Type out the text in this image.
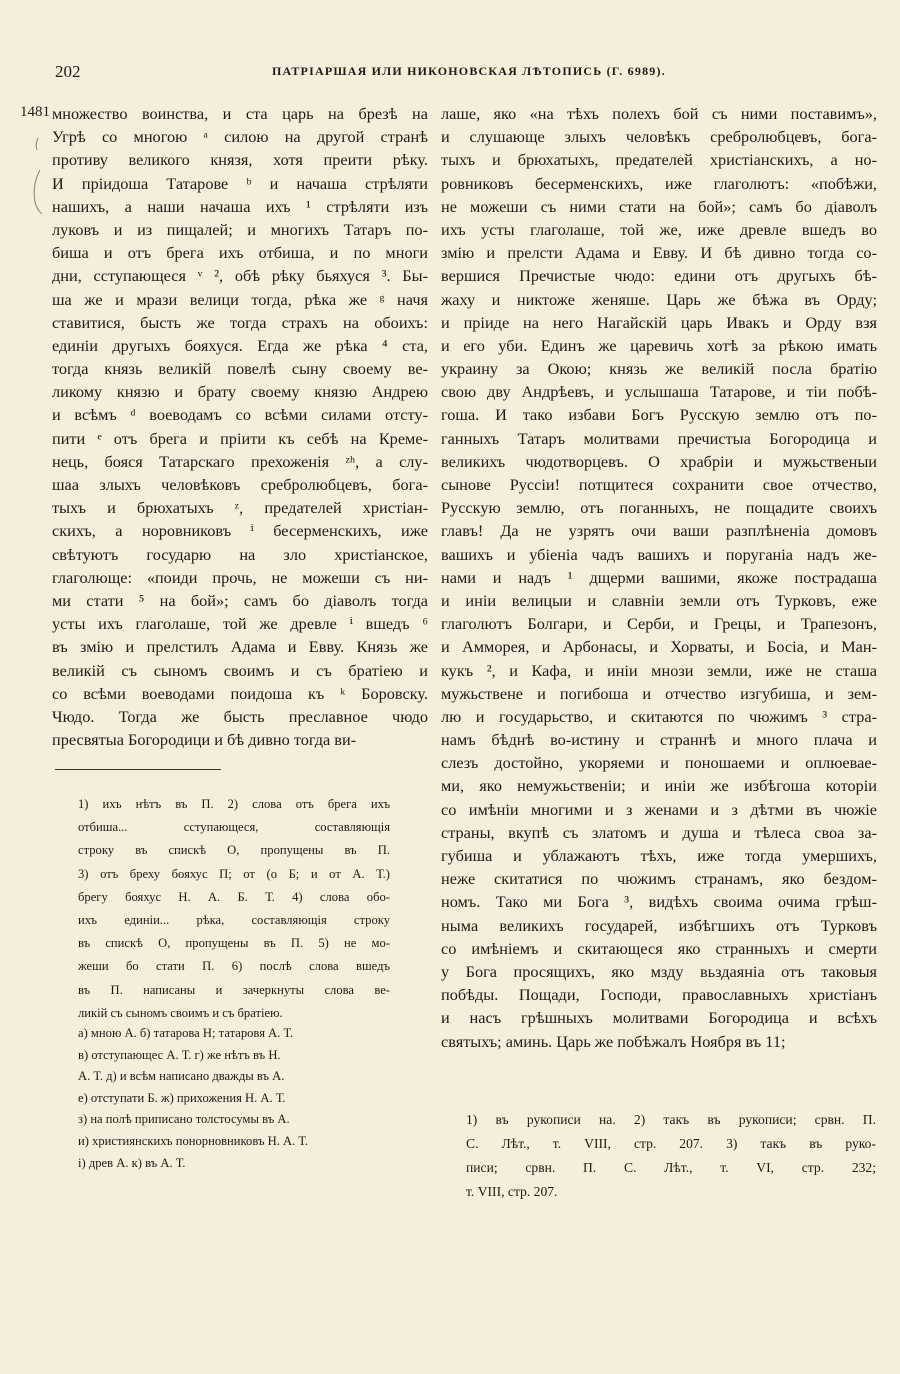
202	ПАТРІАРШАЯ ИЛИ НИКОНОВСКАЯ ЛѢТОПИСЬ (Г. 6989).
1481 множество воинства, и ста царь на брезѣ на
Угрѣ со многою ᵃ силою на другой странѣ
противу великого князя, хотя преити рѣку.
И пріидоша Татарове ᵇ и начаша стрѣляти
нашихъ, а наши начаша ихъ ¹ стрѣляти изъ
луковъ и из пищалей; и многихъ Татаръ по-
биша и отъ брега ихъ отбиша, и по многи
дни, сступающеся ᵛ ², обѣ рѣку бьяхуся ³. Бы-
ша же и мрази велици тогда, рѣка же ᵍ начя
ставитися, бысть же тогда страхъ на обоихъ:
единіи другыхъ бояхуся. Егда же рѣка ⁴ ста,
тогда князь великій повелѣ сыну своему ве-
ликому князю и брату своему князю Андрею
и всѣмъ ᵈ воеводамъ со всѣми силами отсту-
пити ᵉ отъ брега и пріити къ себѣ на Креме-
нець, бояся Татарскаго прехоженія ᶻʰ, а слу-
шаа злыхъ человѣковъ сребролюбцевъ, бога-
тыхъ и брюхатыхъ ᶻ, предателей христіан-
скихъ, а норовниковъ ⁱ бесерменскихъ, иже
свѣтуютъ государю на зло христіанское,
глаголюще: «поиди прочь, не можеши съ ни-
ми стати ⁵ на бой»; самъ бо діаволъ тогда
усты ихъ глаголаше, той же древле ⁱ вшедъ ⁶
въ змію и прелстилъ Адама и Евву. Князь же
великій съ сыномъ своимъ и съ братіею и
со всѣми воеводами поидоша къ ᵏ Боровску.
Чюдо. Тогда же бысть преславное чюдо
пресвятыа Богородици и бѣ дивно тогда ви-
лаше, яко «на тѣхъ полехъ бой съ ними поставимъ»,
и слушающе злыхъ человѣкъ сребролюбцевъ, бога-
тыхъ и брюхатыхъ, предателей христіанскихъ, а но-
ровниковъ бесерменскихъ, иже глаголютъ: «побѣжи,
не можеши съ ними стати на бой»; самъ бо діаволъ
ихъ усты глаголаше, той же, иже древле вшедъ во
змію и прелсти Адама и Евву. И бѣ дивно тогда со-
вершися Пречистые чюдо: едини отъ другыхъ бѣ-
жаху и никтоже женяше. Царь же бѣжа въ Орду;
и пріиде на него Нагайскій царь Ивакъ и Орду взя
и его уби. Единъ же царевичь хотѣ за рѣкою имать
украину за Окою; князь же великій посла братію
свою дву Андрѣевъ, и услышаша Татарове, и тіи побѣ-
гоша. И тако избави Богъ Русскую землю отъ по-
ганныхъ Татаръ молитвами пречистыа Богородица и
великихъ чюдотворцевъ. О храбріи и мужьственыи
сынове Руссіи! потщитеся сохранити свое отчество,
Русскую землю, отъ поганныхъ, не пощадите своихъ
главъ! Да не узрятъ очи ваши разплѣненіа домовъ
вашихъ и убіеніа чадъ вашихъ и поруганіа надъ же-
нами и надъ ¹ дщерми вашими, якоже пострадаша
и иніи велицыи и славніи земли отъ Турковъ, еже
глаголютъ Болгари, и Серби, и Грецы, и Трапезонъ,
и Амморея, и Арбонасы, и Хорваты, и Босіа, и Ман-
кукъ ², и Кафа, и иніи мнози земли, иже не сташа
мужьствене и погибоша и отчество изгубиша, и зем-
лю и государьство, и скитаются по чюжимъ ³ стра-
намъ бѣднѣ во-истину и страннѣ и много плача и
слезъ достойно, укоряеми и поношаеми и оплюевае-
ми, яко немужьственіи; и иніи же избѣгоша которіи
со имѣніи многими и з женами и з дѣтми въ чюжіе
страны, вкупѣ съ златомъ и душа и тѣлеса своа за-
губиша и ублажаютъ тѣхъ, иже тогда умершихъ,
неже скитатися по чюжимъ странамъ, яко бездом-
номъ. Тако ми Бога ³, видѣхъ своима очима грѣш-
нымa великихъ государей, избѣгшихъ отъ Турковъ
со имѣніемъ и скитающеся яко странныхъ и смерти
у Бога просящихъ, яко мзду вьздаяніа отъ таковыя
побѣды. Пощади, Господи, православныхъ христіанъ
и насъ грѣшныхъ молитвами Богородица и всѣхъ
святыхъ; аминь. Царь же побѣжалъ Ноября въ 11;
1) ихъ нѣтъ въ П. 2) слова отъ брега ихъ
отбиша... сступающеся, составляющія
строку въ спискѣ О, пропущены въ П.
3) отъ бреху бояхус П; от (о Б; и от А. Т.)
брегу бояхус Н. А. Б. Т. 4) слова обо-
ихъ единіи... рѣка, составляющія строку
въ спискѣ О, пропущены въ П. 5) не мо-
жеши бо стати П. 6) послѣ слова вшедъ
въ П. написаны и зачеркнуты слова ве-
ликій съ сыномъ своимъ и съ братіею.
а) мною А. б) татарова Н; татаровя А. Т.
в) отступающес А. Т. г) же нѣтъ въ Н.
А. Т. д) и всѣм написано дважды въ А.
е) отступати Б. ж) прихожения Н. А. Т.
з) на полѣ приписано толстосумы въ А.
и) християнскихъ понорновниковъ Н. А. Т.
і) древ А. к) въ А. Т.
1) въ рукописи на. 2) такъ въ рукописи; срвн. П.
С. Лѣт., т. VIII, стр. 207. 3) такъ въ руко-
писи; срвн. П. С. Лѣт., т. VI, стр. 232;
т. VIII, стр. 207.
